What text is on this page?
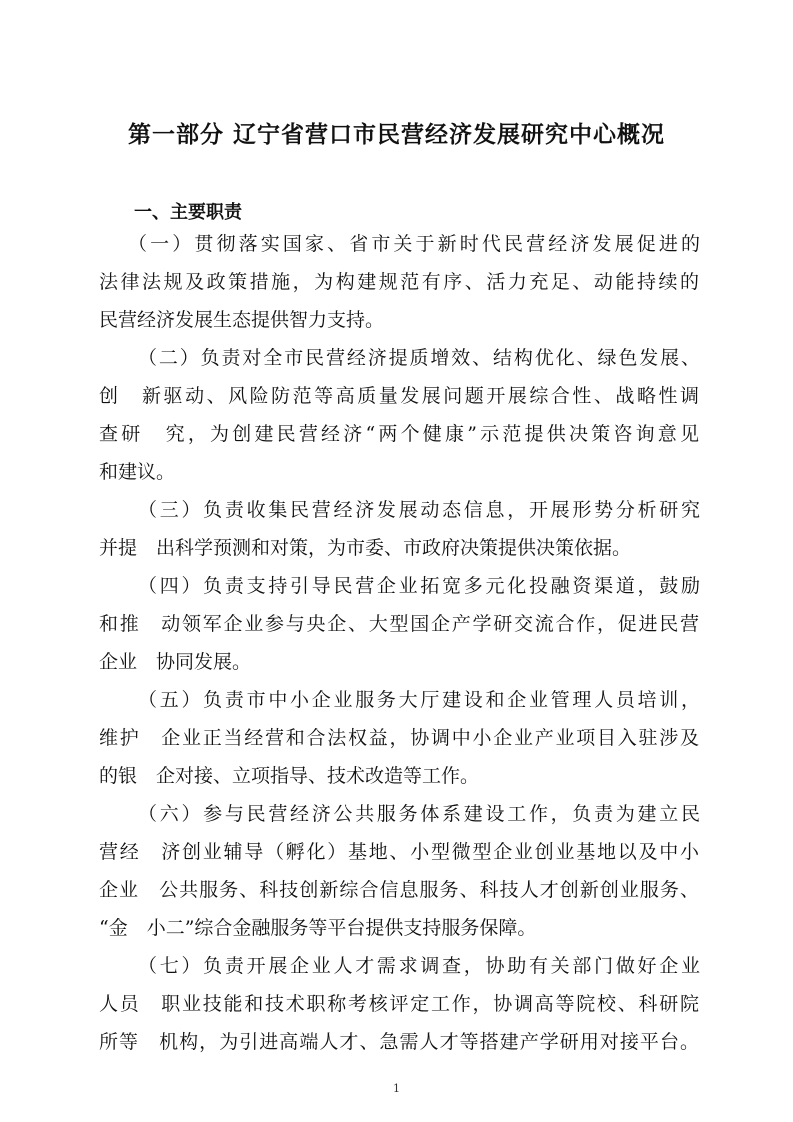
第一部分 辽宁省营口市民营经济发展研究中心概况
一、主要职责

（一）贯彻落实国家、省市关于新时代民营经济发展促进的

法律法规及政策措施，为构建规范有序、活力充足、动能持续的

民营经济发展生态提供智力支持。

（二）负责对全市民营经济提质增效、结构优化、绿色发展、

创　新驱动、风险防范等高质量发展问题开展综合性、战略性调

查研　究，为创建民营经济“两个健康”示范提供决策咨询意见

和建议。

（三）负责收集民营经济发展动态信息，开展形势分析研究

并提　出科学预测和对策，为市委、市政府决策提供决策依据。

（四）负责支持引导民营企业拓宽多元化投融资渠道，鼓励

和推　动领军企业参与央企、大型国企产学研交流合作，促进民营

企业　协同发展。

（五）负责市中小企业服务大厅建设和企业管理人员培训，

维护　企业正当经营和合法权益，协调中小企业产业项目入驻涉及

的银　企对接、立项指导、技术改造等工作。

（六）参与民营经济公共服务体系建设工作，负责为建立民

营经　济创业辅导（孵化）基地、小型微型企业创业基地以及中小

企业　公共服务、科技创新综合信息服务、科技人才创新创业服务、

“金　小二”综合金融服务等平台提供支持服务保障。

（七）负责开展企业人才需求调查，协助有关部门做好企业

人员　职业技能和技术职称考核评定工作，协调高等院校、科研院

所等　机构，为引进高端人才、急需人才等搭建产学研用对接平台。

1
